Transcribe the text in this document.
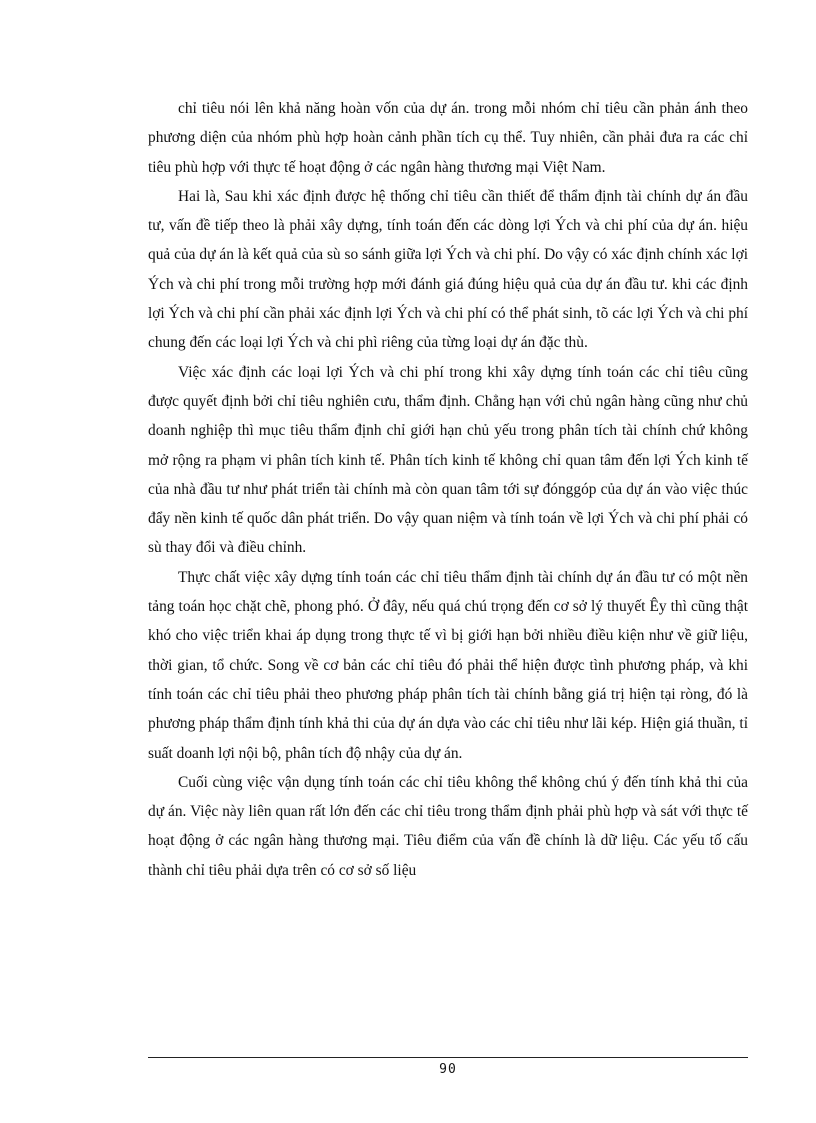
chỉ tiêu nói lên khả năng hoàn vốn của dự án. trong mỗi nhóm chỉ tiêu cần phản ánh theo phương diện của nhóm phù hợp hoàn cảnh phần tích cụ thể. Tuy nhiên, cần phải đưa ra các chỉ tiêu phù hợp với thực tế hoạt động ở các ngân hàng thương mại Việt Nam.

Hai là, Sau khi xác định được hệ thống chỉ tiêu cần thiết để thẩm định tài chính dự án đầu tư, vấn đề tiếp theo là phải xây dựng, tính toán đến các dòng lợi Ých và chi phí của dự án. hiệu quả của dự án là kết quả của sù so sánh giữa lợi Ých và chi phí. Do vậy có xác định chính xác lợi Ých và chi phí trong mỗi trường hợp mới đánh giá đúng hiệu quả của dự án đầu tư. khi các định lợi Ých và chi phí cần phải xác định lợi Ých và chi phí có thể phát sinh, tõ các lợi Ých và chi phí chung đến các loại lợi Ých và chi phì riêng của từng loại dự án đặc thù.

Việc xác định các loại lợi Ých và chi phí trong khi xây dựng tính toán các chỉ tiêu cũng được quyết định bởi chỉ tiêu nghiên cưu, thẩm định. Chẳng hạn với chủ ngân hàng cũng như chủ doanh nghiệp thì mục tiêu thẩm định chỉ giới hạn chủ yếu trong phân tích tài chính chứ không mở rộng ra phạm vi phân tích kinh tế. Phân tích kinh tế không chỉ quan tâm đến lợi Ých kinh tế của nhà đầu tư như phát triển tài chính mà còn quan tâm tới sự đónggóp của dự án vào việc thúc đẩy nền kinh tế quốc dân phát triển. Do vậy quan niệm và tính toán về lợi Ých và chi phí phải có sù thay đổi và điều chỉnh.

Thực chất việc xây dựng tính toán các chỉ tiêu thẩm định tài chính dự án đầu tư có một nền tảng toán học chặt chẽ, phong phó. Ở đây, nếu quá chú trọng đến cơ sở lý thuyết Êy thì cũng thật khó cho việc triển khai áp dụng trong thực tế vì bị giới hạn bởi nhiều điều kiện như về giữ liệu, thời gian, tổ chức. Song về cơ bản các chỉ tiêu đó phải thể hiện được tình phương pháp, và khi tính toán các chỉ tiêu phải theo phương pháp phân tích tài chính bằng giá trị hiện tại ròng, đó là phương pháp thẩm định tính khả thi của dự án dựa vào các chỉ tiêu như lãi kép. Hiện giá thuần, tỉ suất doanh lợi nội bộ, phân tích độ nhậy của dự án.

Cuối cùng việc vận dụng tính toán các chỉ tiêu không thể không chú ý đến tính khả thi của dự án. Việc này liên quan rất lớn đến các chỉ tiêu trong thẩm định phải phù hợp và sát với thực tế hoạt động ở các ngân hàng thương mại. Tiêu điểm của vấn đề chính là dữ liệu. Các yếu tố cấu thành chỉ tiêu phải dựa trên có cơ sở số liệu

90
